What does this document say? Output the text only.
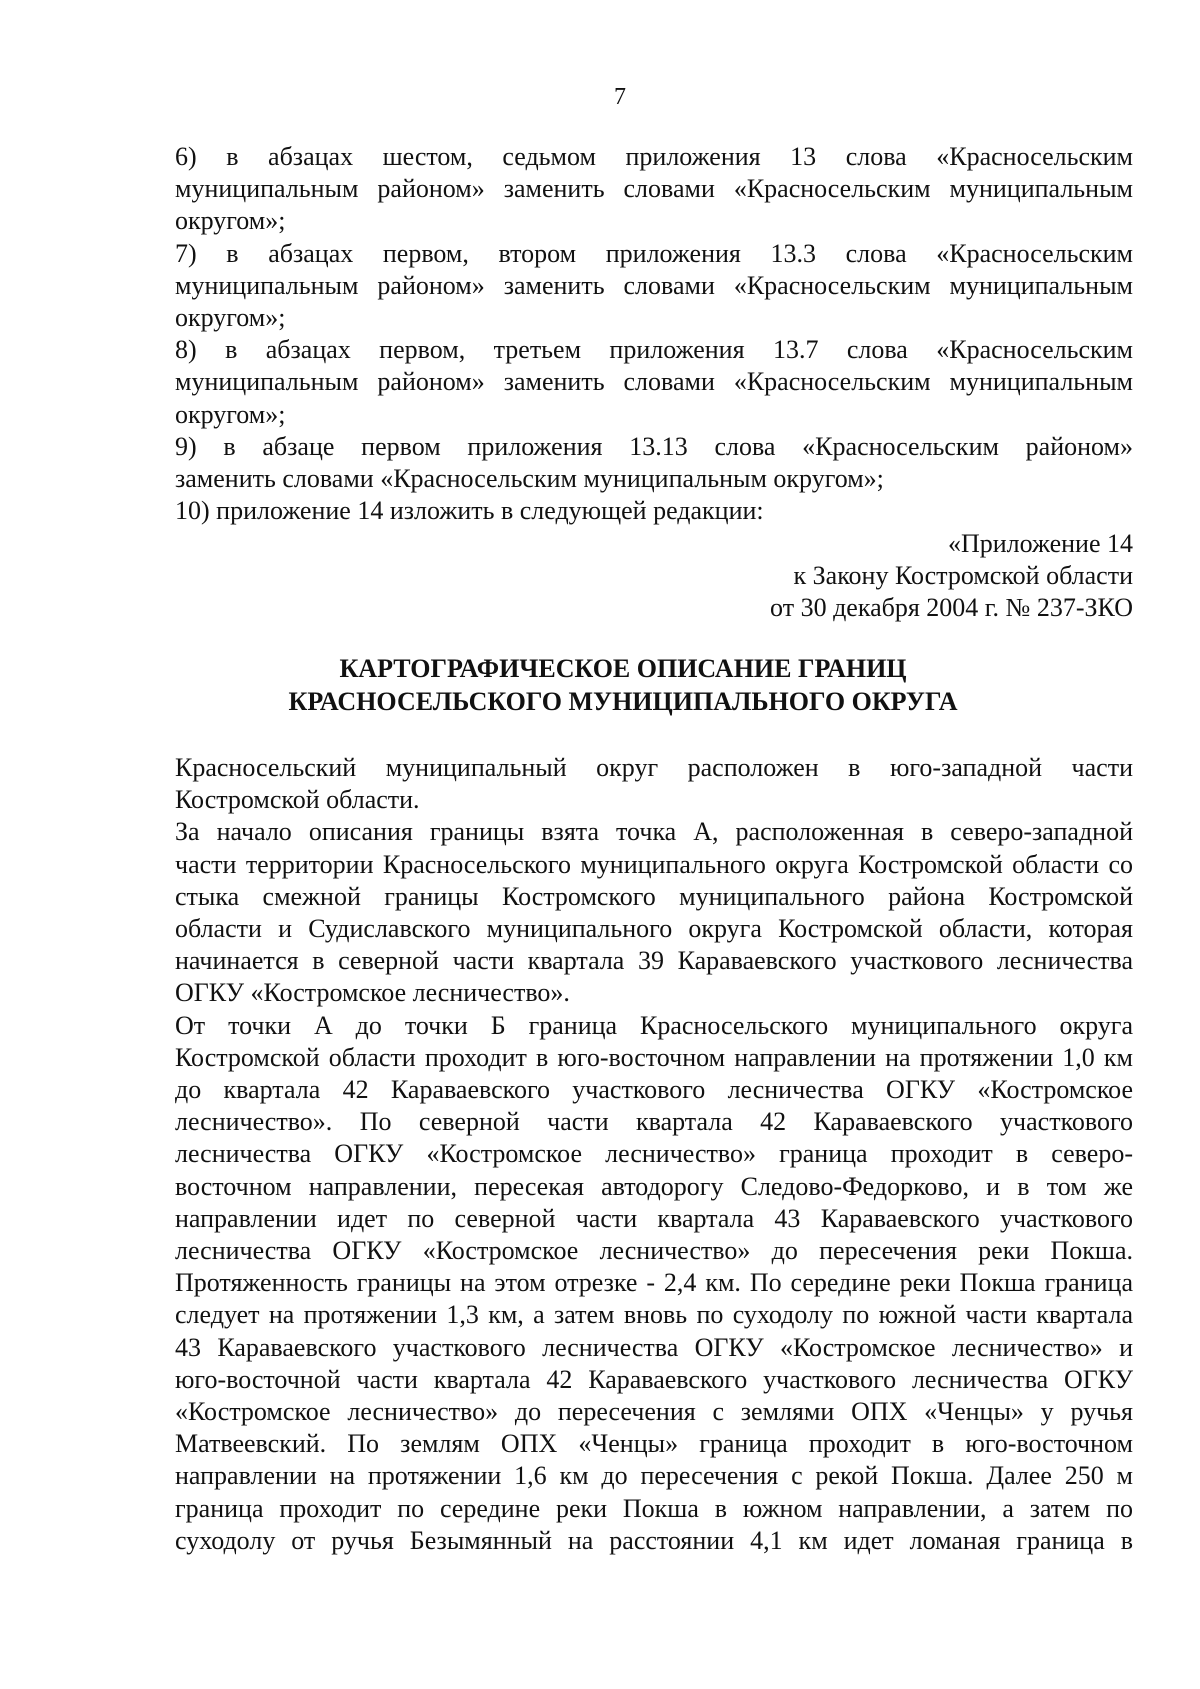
7
6) в абзацах шестом, седьмом приложения 13 слова «Красносельским
муниципальным районом» заменить словами «Красносельским муниципальным
округом»;
7) в абзацах первом, втором приложения 13.3 слова «Красносельским
муниципальным районом» заменить словами «Красносельским муниципальным
округом»;
8) в абзацах первом, третьем приложения 13.7 слова «Красносельским
муниципальным районом» заменить словами «Красносельским муниципальным
округом»;
9) в абзаце первом приложения 13.13 слова «Красносельским районом»
заменить словами «Красносельским муниципальным округом»;
10) приложение 14 изложить в следующей редакции:
«Приложение 14
к Закону Костромской области
от 30 декабря 2004 г. № 237-ЗКО
КАРТОГРАФИЧЕСКОЕ ОПИСАНИЕ ГРАНИЦ
КРАСНОСЕЛЬСКОГО МУНИЦИПАЛЬНОГО ОКРУГА
Красносельский муниципальный округ расположен в юго-западной части
Костромской области.
За начало описания границы взята точка А, расположенная в северо-западной
части территории Красносельского муниципального округа Костромской области со
стыка смежной границы Костромского муниципального района Костромской
области и Судиславского муниципального округа Костромской области, которая
начинается в северной части квартала 39 Караваевского участкового лесничества
ОГКУ «Костромское лесничество».
От точки А до точки Б граница Красносельского муниципального округа
Костромской области проходит в юго-восточном направлении на протяжении 1,0 км
до квартала 42 Караваевского участкового лесничества ОГКУ «Костромское
лесничество». По северной части квартала 42 Караваевского участкового
лесничества ОГКУ «Костромское лесничество» граница проходит в северо-
восточном направлении, пересекая автодорогу Следово-Федорково, и в том же
направлении идет по северной части квартала 43 Караваевского участкового
лесничества ОГКУ «Костромское лесничество» до пересечения реки Покша.
Протяженность границы на этом отрезке - 2,4 км. По середине реки Покша граница
следует на протяжении 1,3 км, а затем вновь по суходолу по южной части квартала
43 Караваевского участкового лесничества ОГКУ «Костромское лесничество» и
юго-восточной части квартала 42 Караваевского участкового лесничества ОГКУ
«Костромское лесничество» до пересечения с землями ОПХ «Ченцы» у ручья
Матвеевский. По землям ОПХ «Ченцы» граница проходит в юго-восточном
направлении на протяжении 1,6 км до пересечения с рекой Покша. Далее 250 м
граница проходит по середине реки Покша в южном направлении, а затем по
суходолу от ручья Безымянный на расстоянии 4,1 км идет ломаная граница в
